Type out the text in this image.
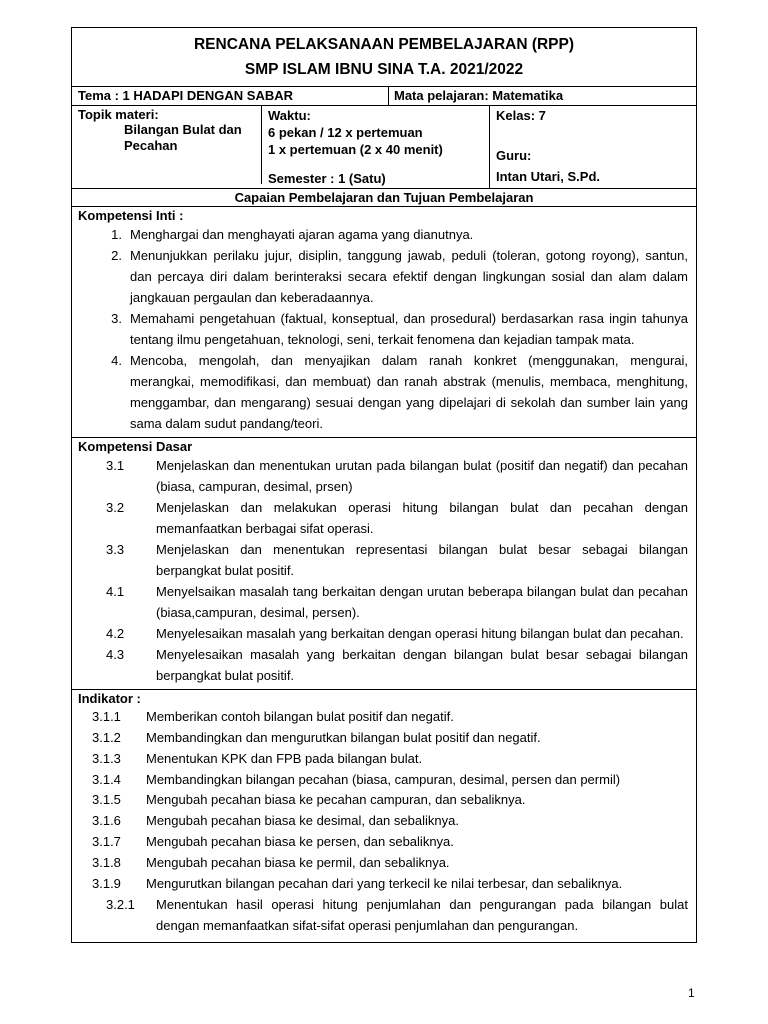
RENCANA PELAKSANAAN PEMBELAJARAN (RPP)
SMP ISLAM IBNU SINA T.A. 2021/2022
Tema : 1 HADAPI DENGAN SABAR	Mata pelajaran: Matematika
Topik materi:
Bilangan Bulat dan
Pecahan
Waktu:
6 pekan / 12 x pertemuan
1 x pertemuan (2 x 40 menit)
Semester : 1 (Satu)
Kelas: 7
Guru:
Intan Utari, S.Pd.
Capaian Pembelajaran dan Tujuan Pembelajaran
Kompetensi Inti :
1. Menghargai dan menghayati ajaran agama yang dianutnya.
2. Menunjukkan perilaku jujur, disiplin, tanggung jawab, peduli (toleran, gotong royong), santun, dan percaya diri dalam berinteraksi secara efektif dengan lingkungan sosial dan alam dalam jangkauan pergaulan dan keberadaannya.
3. Memahami pengetahuan (faktual, konseptual, dan prosedural) berdasarkan rasa ingin tahunya tentang ilmu pengetahuan, teknologi, seni, terkait fenomena dan kejadian tampak mata.
4. Mencoba, mengolah, dan menyajikan dalam ranah konkret (menggunakan, mengurai, merangkai, memodifikasi, dan membuat) dan ranah abstrak (menulis, membaca, menghitung, menggambar, dan mengarang) sesuai dengan yang dipelajari di sekolah dan sumber lain yang sama dalam sudut pandang/teori.
Kompetensi Dasar
3.1	Menjelaskan dan menentukan urutan pada bilangan bulat (positif dan negatif) dan pecahan (biasa, campuran, desimal, prsen)
3.2	Menjelaskan dan melakukan operasi hitung bilangan bulat dan pecahan dengan memanfaatkan berbagai sifat operasi.
3.3	Menjelaskan dan menentukan representasi bilangan bulat besar sebagai bilangan berpangkat bulat positif.
4.1	Menyelsaikan masalah tang berkaitan dengan urutan beberapa bilangan bulat dan pecahan (biasa,campuran, desimal, persen).
4.2	Menyelesaikan masalah yang berkaitan dengan operasi hitung bilangan bulat dan pecahan.
4.3	Menyelesaikan masalah yang berkaitan dengan bilangan bulat besar sebagai bilangan berpangkat bulat positif.
Indikator :
3.1.1	Memberikan contoh bilangan bulat positif dan negatif.
3.1.2	Membandingkan dan mengurutkan bilangan bulat positif dan negatif.
3.1.3	Menentukan KPK dan FPB pada bilangan bulat.
3.1.4	Membandingkan bilangan pecahan (biasa, campuran, desimal, persen dan permil)
3.1.5	Mengubah pecahan biasa ke pecahan campuran, dan sebaliknya.
3.1.6	Mengubah pecahan biasa ke desimal, dan sebaliknya.
3.1.7	Mengubah pecahan biasa ke persen, dan sebaliknya.
3.1.8	Mengubah pecahan biasa ke permil, dan sebaliknya.
3.1.9	Mengurutkan bilangan pecahan dari yang terkecil ke nilai terbesar, dan sebaliknya.
3.2.1	Menentukan hasil operasi hitung penjumlahan dan pengurangan pada bilangan bulat dengan memanfaatkan sifat-sifat operasi penjumlahan dan pengurangan.
1
